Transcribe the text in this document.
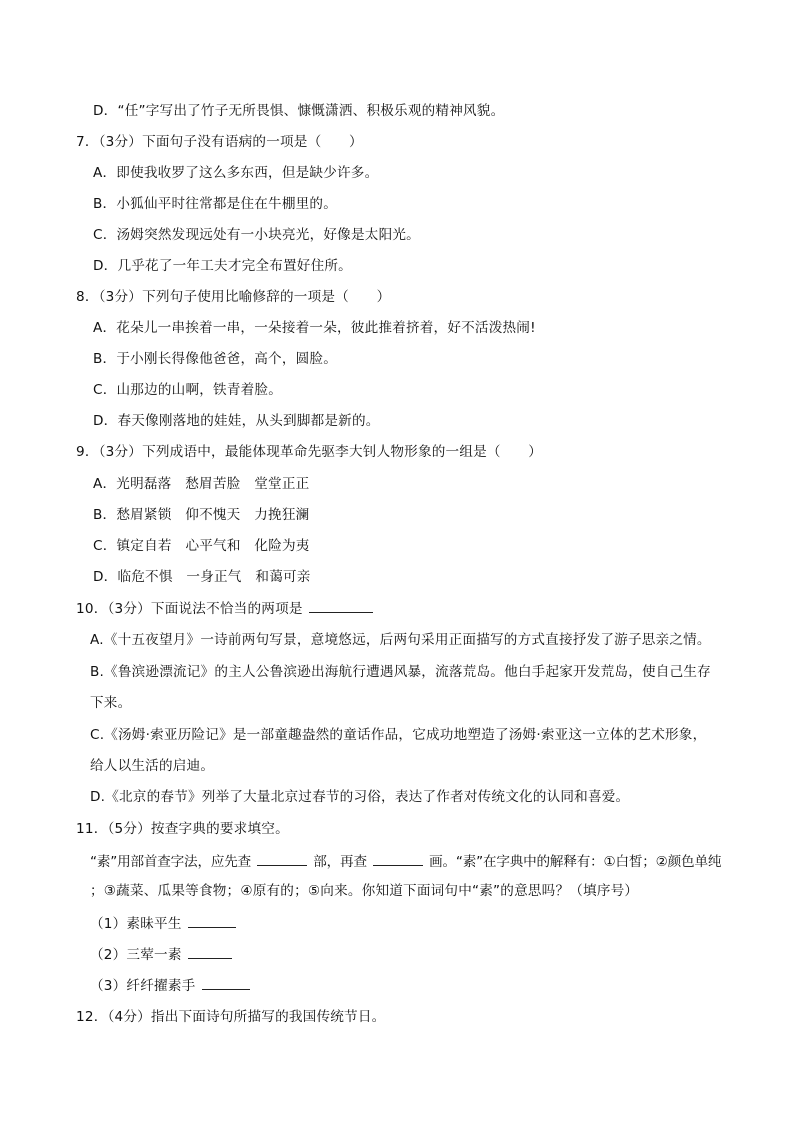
D．“任”字写出了竹子无所畏惧、慷慨潇洒、积极乐观的精神风貌。
7．（3分）下面句子没有语病的一项是（　　）
A．即使我收罗了这么多东西，但是缺少许多。
B．小狐仙平时往常都是住在牛棚里的。
C．汤姆突然发现远处有一小块亮光，好像是太阳光。
D．几乎花了一年工夫才完全布置好住所。
8．（3分）下列句子使用比喻修辞的一项是（　　）
A．花朵儿一串挨着一串，一朵接着一朵，彼此推着挤着，好不活泼热闹!
B．于小刚长得像他爸爸，高个，圆脸。
C．山那边的山啊，铁青着脸。
D．春天像刚落地的娃娃，从头到脚都是新的。
9．（3分）下列成语中，最能体现革命先驱李大钊人物形象的一组是（　　）
A．光明磊落　愁眉苦脸　堂堂正正
B．愁眉紧锁　仰不愧天　力挽狂澜
C．镇定自若　心平气和　化险为夷
D．临危不惧　一身正气　和蔼可亲
10．（3分）下面说法不恰当的两项是
A.《十五夜望月》一诗前两句写景，意境悠远，后两句采用正面描写的方式直接抒发了游子思亲之情。
B.《鲁滨逊漂流记》的主人公鲁滨逊出海航行遭遇风暴，流落荒岛。他白手起家开发荒岛，使自己生存
下来。
C.《汤姆·索亚历险记》是一部童趣盎然的童话作品，它成功地塑造了汤姆·索亚这一立体的艺术形象，
给人以生活的启迪。
D.《北京的春节》列举了大量北京过春节的习俗，表达了作者对传统文化的认同和喜爱。
11．（5分）按查字典的要求填空。
“素”用部首查字法，应先查	部，再查	画。“素”在字典中的解释有：①白皙；②颜色单纯
；③蔬菜、瓜果等食物；④原有的；⑤向来。你知道下面词句中“素”的意思吗？（填序号）
（1）素昧平生
（2）三荤一素
（3）纤纤擢素手
12．（4分）指出下面诗句所描写的我国传统节日。
